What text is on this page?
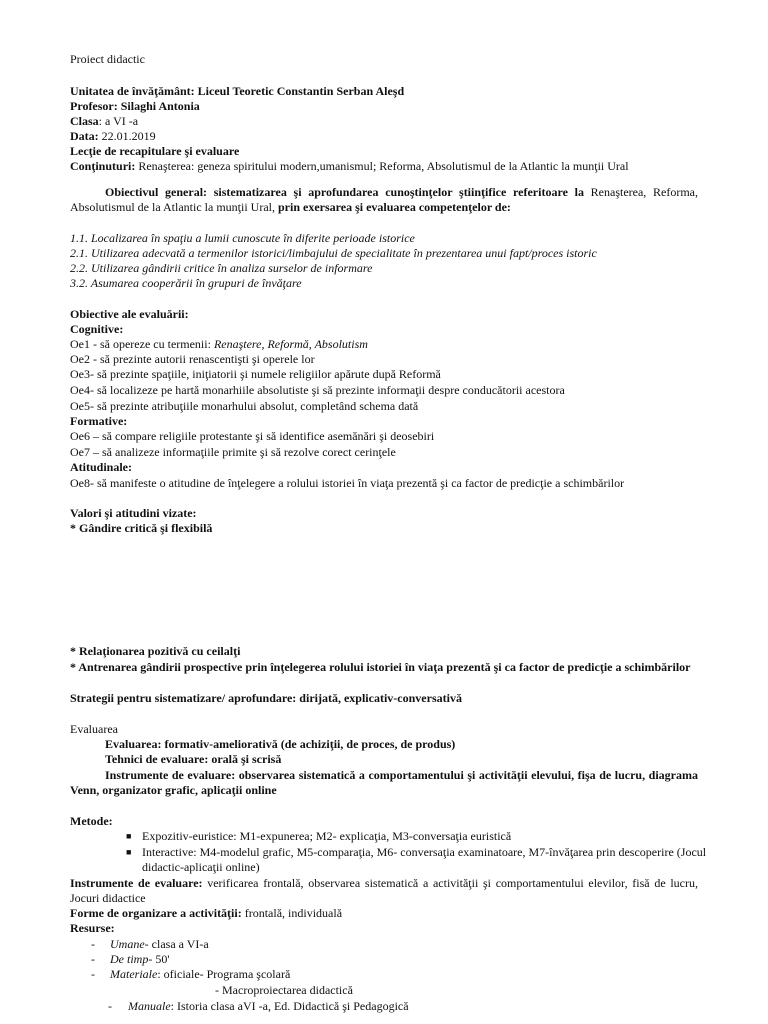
Proiect didactic
Unitatea de învăţământ: Liceul Teoretic Constantin Serban Aleşd
Profesor: Silaghi Antonia
Clasa: a VI -a
Data: 22.01.2019
Lecţie de recapitulare şi evaluare
Conţinuturi: Renaşterea: geneza spiritului modern,umanismul; Reforma, Absolutismul de la Atlantic la munţii Ural
Obiectivul general: sistematizarea şi aprofundarea cunoştinţelor ştiinţifice referitoare la Renaşterea, Reforma, Absolutismul de la Atlantic la munţii Ural, prin exersarea şi evaluarea competenţelor de:
1.1. Localizarea în spaţiu a lumii cunoscute în diferite perioade istorice
2.1. Utilizarea adecvată a termenilor istorici/limbajului de specialitate în prezentarea unui fapt/proces istoric
2.2. Utilizarea gândirii critice în analiza surselor de informare
3.2. Asumarea cooperării în grupuri de învăţare
Obiective ale evaluării:
Cognitive:
Oe1 - să opereze cu termenii: Renaştere, Reformă, Absolutism
Oe2 - să prezinte autorii renascentişti şi operele lor
Oe3- să prezinte spaţiile, iniţiatorii şi numele religiilor apărute după Reformă
Oe4- să localizeze pe hartă monarhiile absolutiste şi să prezinte informaţii despre conducătorii acestora
Oe5- să prezinte atribuţiile monarhului absolut, completând schema dată
Formative:
Oe6 – să compare religiile protestante şi să identifice asemănări şi deosebiri
Oe7 – să analizeze informaţiile primite şi să rezolve corect cerinţele
Atitudinale:
Oe8- să manifeste o atitudine de înţelegere a rolului istoriei în viaţa prezentă şi ca factor de predicţie a schimbărilor
Valori şi atitudini vizate:
* Gândire critică şi flexibilă
* Relaţionarea pozitivă cu ceilalţi
* Antrenarea gândirii prospective prin înţelegerea rolului istoriei în viaţa prezentă şi ca factor de predicţie a schimbărilor
Strategii pentru sistematizare/ aprofundare: dirijată, explicativ-conversativă
Evaluarea
Evaluarea: formativ-ameliorativă (de achiziţii, de proces, de produs)
Tehnici de evaluare: orală şi scrisă
Instrumente de evaluare: observarea sistematică a comportamentului şi activităţii elevului, fişa de lucru, diagrama Venn, organizator grafic, aplicaţii online
Metode:
■ Expozitiv-euristice: M1-expunerea; M2- explicaţia, M3-conversaţia euristică
■ Interactive: M4-modelul grafic, M5-comparaţia, M6- conversaţia examinatoare, M7-învăţarea prin descoperire (Jocul
didactic-aplicaţii online)
Instrumente de evaluare: verificarea frontală, observarea sistematică a activităţii şi comportamentului elevilor, fisă de lucru, Jocuri didactice
Forme de organizare a activităţii: frontală, individuală
Resurse:
- Umane- clasa a VI-a
- De timp- 50'
- Materiale: oficiale- Programa şcolară
- Macroproiectarea didactică
- Manuale: Istoria clasa aVI -a, Ed. Didactică şi Pedagogică
